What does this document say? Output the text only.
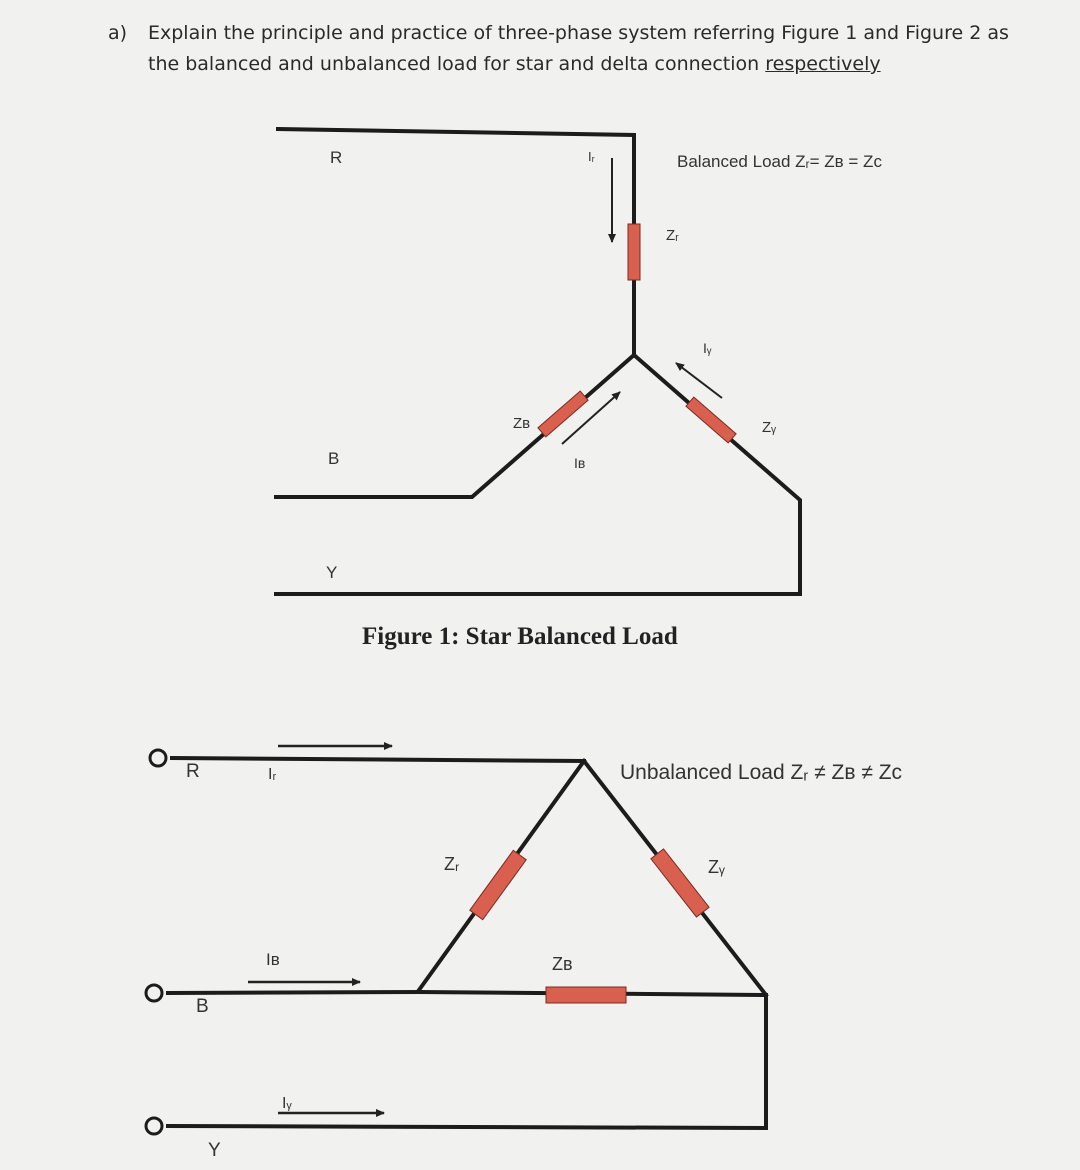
a) Explain the principle and practice of three-phase system referring Figure 1 and Figure 2 as the balanced and unbalanced load for star and delta connection respectively
R
B
Y
Iᵣ	Balanced Load Zᵣ= Zʙ = Zc
Zᵣ
Iᵧ
Zʙ	Zᵧ
Iʙ
Figure 1: Star Balanced Load
R	Iᵣ	Unbalanced Load Zᵣ ≠ Zʙ ≠ Zc
Zᵣ	Zᵧ
Iʙ	Zʙ
B
Iᵧ
Y
